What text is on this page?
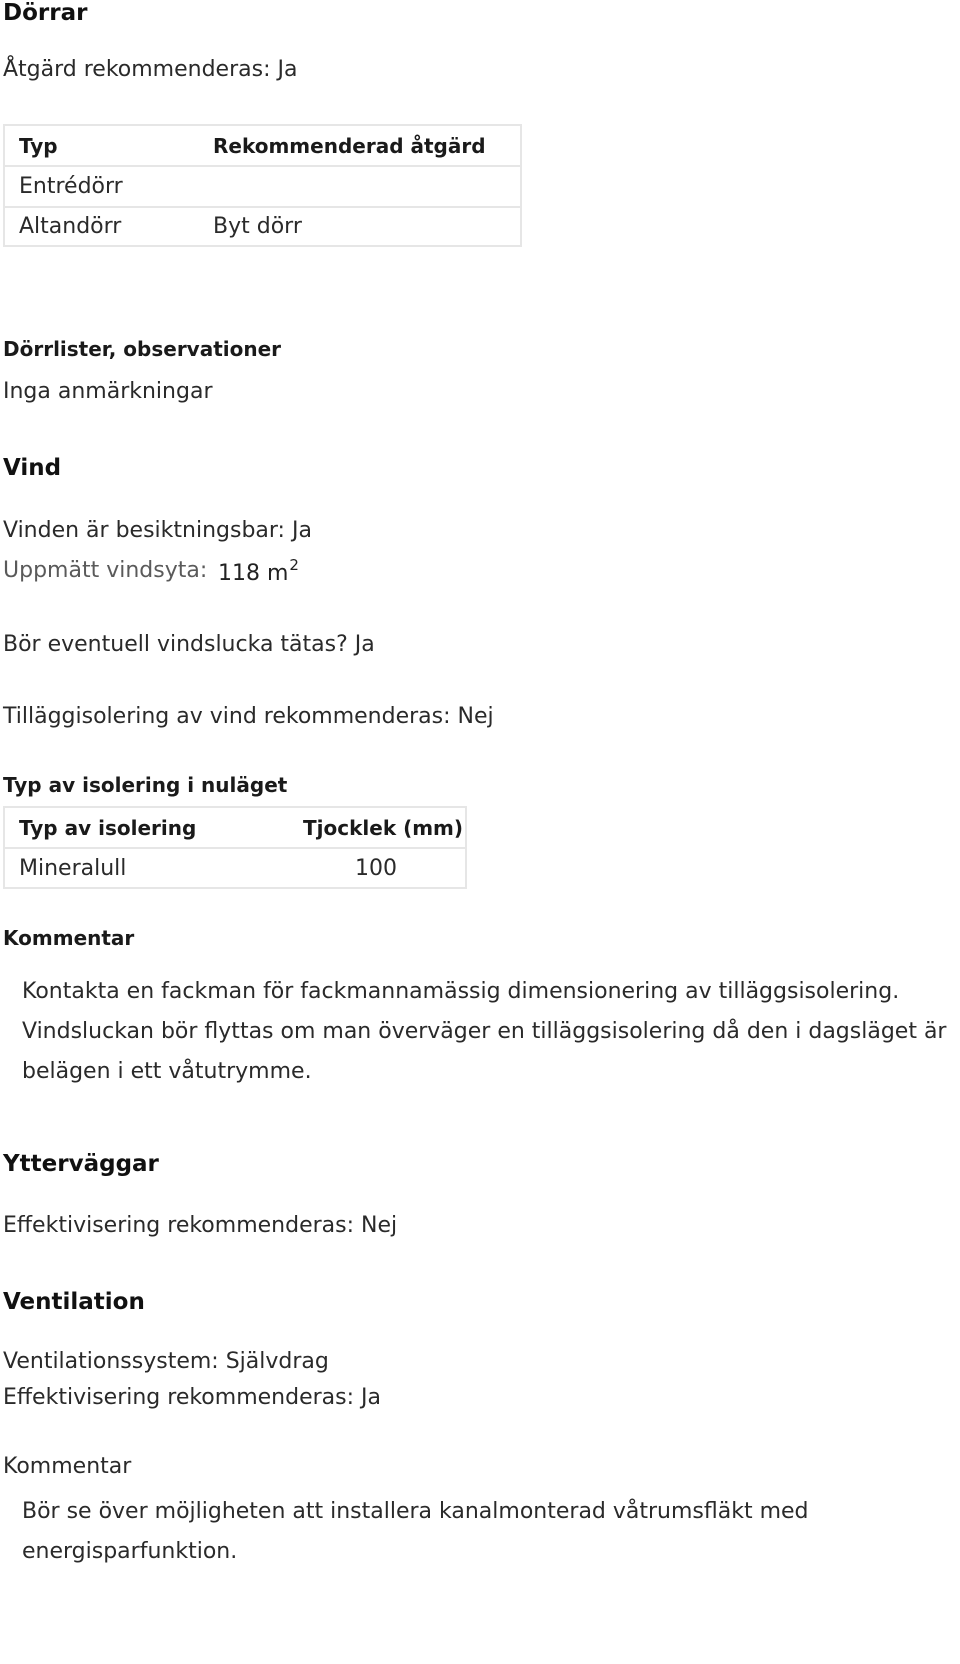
Dörrar
Åtgärd rekommenderas: Ja
Typ	Rekommenderad åtgärd
Entrédörr
Altandörr	Byt dörr
Dörrlister, observationer
Inga anmärkningar
Vind
Vinden är besiktningsbar: Ja
Uppmätt vindsyta: 118 $m^2$
Bör eventuell vindslucka tätas? Ja
Tilläggisolering av vind rekommenderas: Nej
Typ av isolering i nuläget
Typ av isolering	Tjocklek (mm)
Mineralull	100
Kommentar
Kontakta en fackman för fackmannamässig dimensionering av tilläggsisolering. Vindsluckan bör flyttas om man överväger en tilläggsisolering då den i dagsläget är belägen i ett våtutrymme.
Ytterväggar
Effektivisering rekommenderas: Nej
Ventilation
Ventilationssystem: Självdrag
Effektivisering rekommenderas: Ja
Kommentar
Bör se över möjligheten att installera kanalmonterad våtrumsfläkt med energisparfunktion.
